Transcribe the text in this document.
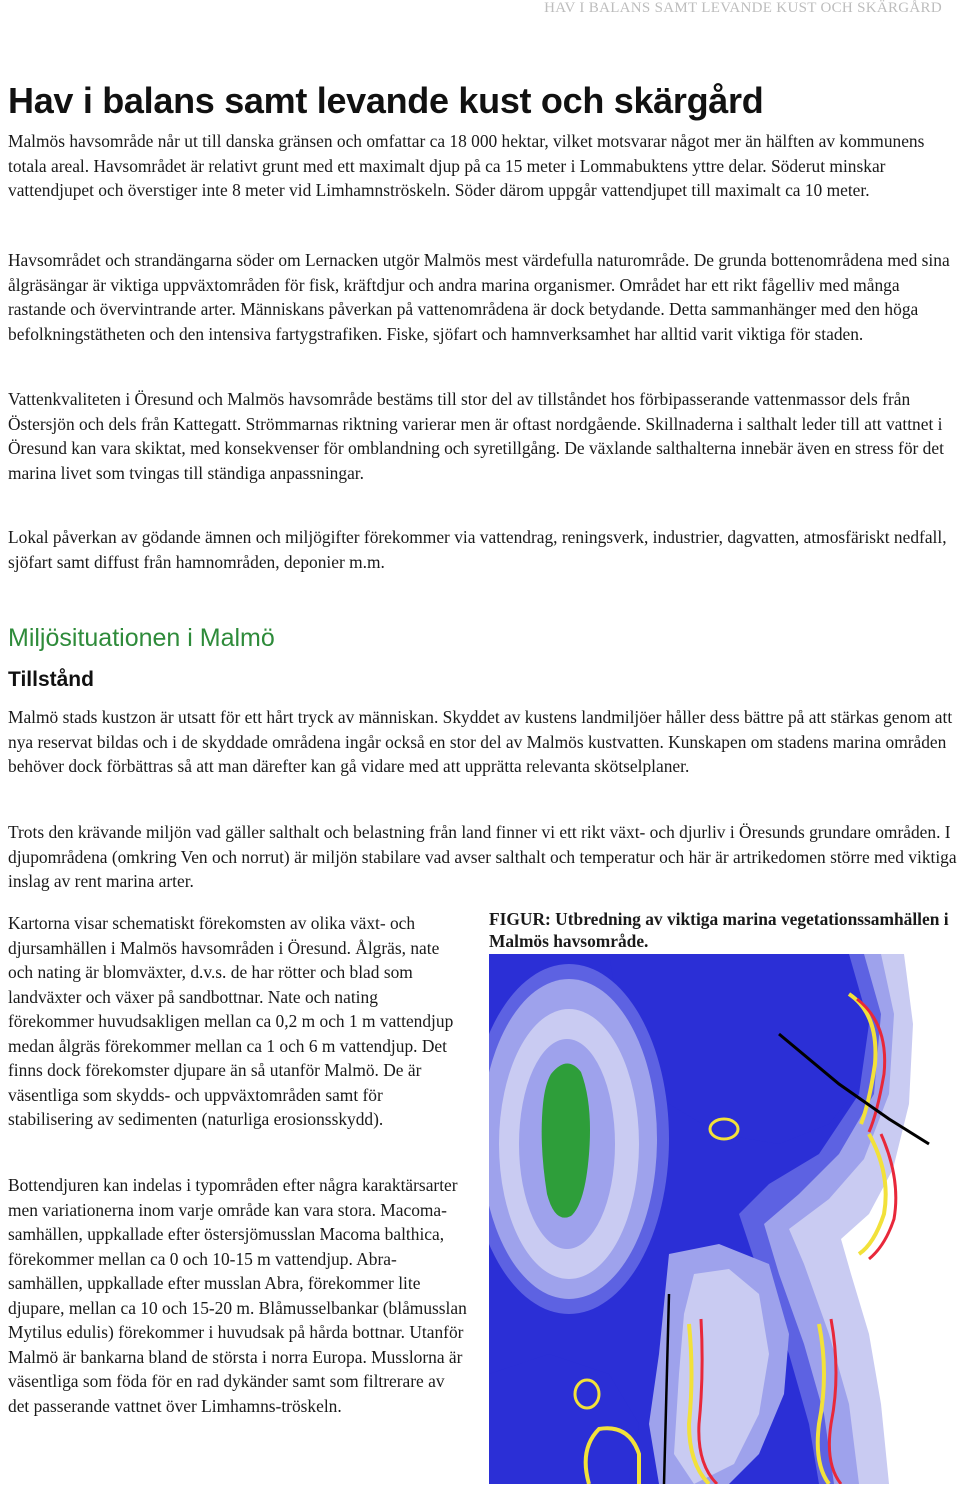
HAV I BALANS SAMT LEVANDE KUST OCH SKÄRGÅRD
Hav i balans samt levande kust och skärgård

Malmös havsområde når ut till danska gränsen och omfattar ca 18 000 hektar, vilket motsvarar något mer än hälften av kommunens totala areal. Havsområdet är relativt grunt med ett maximalt djup på ca 15 meter i Lommabuktens yttre delar. Söderut minskar vattendjupet och överstiger inte 8 meter vid Limhamnströskeln. Söder därom uppgår vattendjupet till maximalt ca 10 meter.

Havsområdet och strandängarna söder om Lernacken utgör Malmös mest värdefulla naturområde. De grunda bottenområdena med sina ålgräsängar är viktiga uppväxtområden för fisk, kräftdjur och andra marina organismer. Området har ett rikt fågelliv med många rastande och övervintrande arter. Människans påverkan på vattenområdena är dock betydande. Detta sammanhänger med den höga befolkningstätheten och den intensiva fartygstrafiken. Fiske, sjöfart och hamnverksamhet har alltid varit viktiga för staden.

Vattenkvaliteten i Öresund och Malmös havsområde bestäms till stor del av tillståndet hos förbipasserande vattenmassor dels från Östersjön och dels från Kattegatt. Strömmarnas riktning varierar men är oftast nordgående. Skillnaderna i salthalt leder till att vattnet i Öresund kan vara skiktat, med konsekvenser för omblandning och syretillgång. De växlande salthalterna innebär även en stress för det marina livet som tvingas till ständiga anpassningar.

Lokal påverkan av gödande ämnen och miljögifter förekommer via vattendrag, reningsverk, industrier, dagvatten, atmosfäriskt nedfall, sjöfart samt diffust från hamnområden, deponier m.m.

Miljösituationen i Malmö
Tillstånd

Malmö stads kustzon är utsatt för ett hårt tryck av människan. Skyddet av kustens landmiljöer håller dess bättre på att stärkas genom att nya reservat bildas och i de skyddade områdena ingår också en stor del av Malmös kustvatten. Kunskapen om stadens marina områden behöver dock förbättras så att man därefter kan gå vidare med att upprätta relevanta skötselplaner.

Trots den krävande miljön vad gäller salthalt och belastning från land finner vi ett rikt växt- och djurliv i Öresunds grundare områden. I djupområdena (omkring Ven och norrut) är miljön stabilare vad avser salthalt och temperatur och här är artrikedomen större med viktiga inslag av rent marina arter.

Kartorna visar schematiskt förekomsten av olika växt- och djursamhällen i Malmös havsområden i Öresund. Ålgräs, nate och nating är blomväxter, d.v.s. de har rötter och blad som landväxter och växer på sandbottnar. Nate och nating förekommer huvudsakligen mellan ca 0,2 m och 1 m vattendjup medan ålgräs förekommer mellan ca 1 och 6 m vattendjup. Det finns dock förekomster djupare än så utanför Malmö. De är väsentliga som skydds- och uppväxtområden samt för stabilisering av sedimenten (naturliga erosionsskydd).

Bottendjuren kan indelas i typområden efter några karaktärsarter men variationerna inom varje område kan vara stora. Macoma-samhällen, uppkallade efter östersjömusslan Macoma balthica, förekommer mellan ca 0 och 10-15 m vattendjup. Abra-samhällen, uppkallade efter musslan Abra, förekommer lite djupare, mellan ca 10 och 15-20 m. Blåmusselbankar (blåmusslan Mytilus edulis) förekommer i huvudsak på hårda bottnar. Utanför Malmö är bankarna bland de största i norra Europa. Musslorna är väsentliga som föda för en rad dykänder samt som filtrerare av det passerande vattnet över Limhamns-tröskeln.

FIGUR: Utbredning av viktiga marina vegetationssamhällen i Malmös havsområde.
